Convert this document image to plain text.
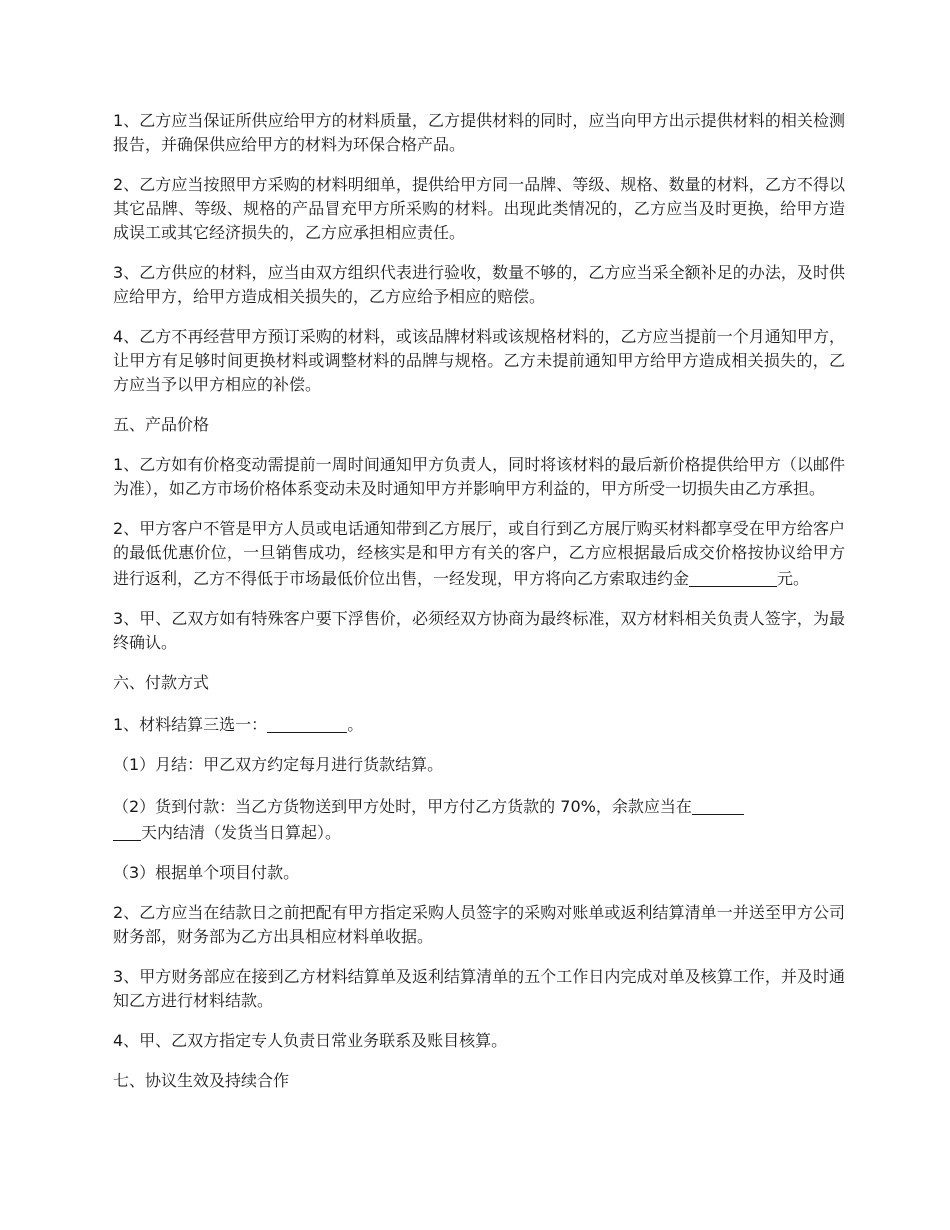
1、乙方应当保证所供应给甲方的材料质量，乙方提供材料的同时，应当向甲方出示提供材料的相关检测报告，并确保供应给甲方的材料为环保合格产品。

2、乙方应当按照甲方采购的材料明细单，提供给甲方同一品牌、等级、规格、数量的材料，乙方不得以其它品牌、等级、规格的产品冒充甲方所采购的材料。出现此类情况的，乙方应当及时更换，给甲方造成误工或其它经济损失的，乙方应承担相应责任。

3、乙方供应的材料，应当由双方组织代表进行验收，数量不够的，乙方应当采全额补足的办法，及时供应给甲方，给甲方造成相关损失的，乙方应给予相应的赔偿。

4、乙方不再经营甲方预订采购的材料，或该品牌材料或该规格材料的，乙方应当提前一个月通知甲方，让甲方有足够时间更换材料或调整材料的品牌与规格。乙方未提前通知甲方给甲方造成相关损失的，乙方应当予以甲方相应的补偿。

五、产品价格

1、乙方如有价格变动需提前一周时间通知甲方负责人，同时将该材料的最后新价格提供给甲方（以邮件为准），如乙方市场价格体系变动未及时通知甲方并影响甲方利益的，甲方所受一切损失由乙方承担。

2、甲方客户不管是甲方人员或电话通知带到乙方展厅，或自行到乙方展厅购买材料都享受在甲方给客户的最低优惠价位，一旦销售成功，经核实是和甲方有关的客户，乙方应根据最后成交价格按协议给甲方进行返利，乙方不得低于市场最低价位出售，一经发现，甲方将向乙方索取违约金	元。

3、甲、乙双方如有特殊客户要下浮售价，必须经双方协商为最终标准，双方材料相关负责人签字，为最终确认。

六、付款方式

1、材料结算三选一：	。

（1）月结：甲乙双方约定每月进行货款结算。

（2）货到付款：当乙方货物送到甲方处时，甲方付乙方货款的 70%，余款应当在
天内结清（发货当日算起）。

（3）根据单个项目付款。

2、乙方应当在结款日之前把配有甲方指定采购人员签字的采购对账单或返利结算清单一并送至甲方公司财务部，财务部为乙方出具相应材料单收据。

3、甲方财务部应在接到乙方材料结算单及返利结算清单的五个工作日内完成对单及核算工作，并及时通知乙方进行材料结款。

4、甲、乙双方指定专人负责日常业务联系及账目核算。

七、协议生效及持续合作
